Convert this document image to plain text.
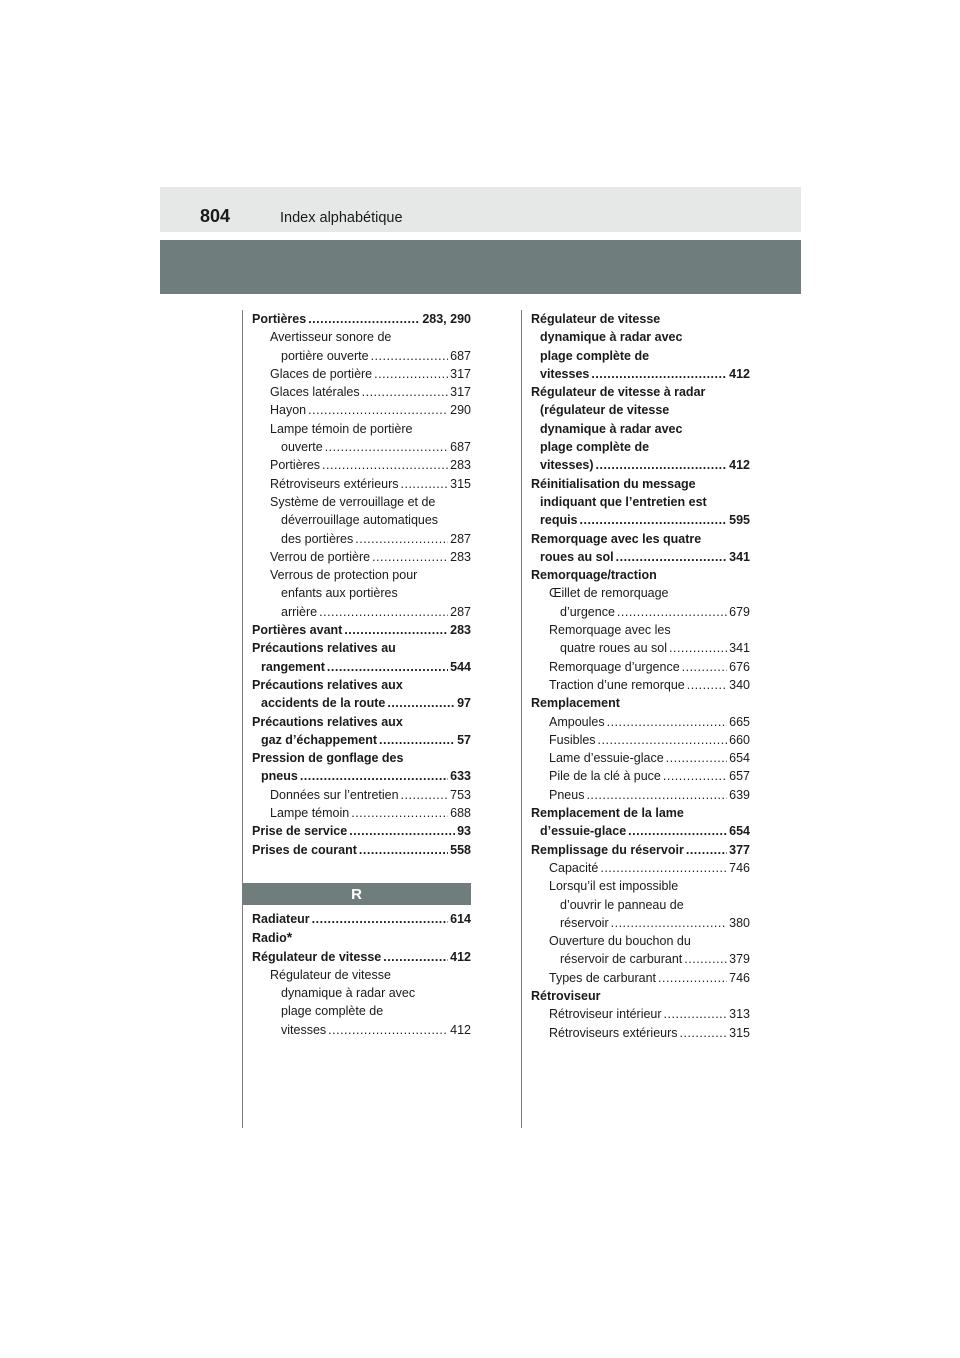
804	Index alphabétique
Portières .....	283, 290
Avertisseur sonore de
portière ouverte .....	687
Glaces de portière .....	317
Glaces latérales .....	317
Hayon .....	290
Lampe témoin de portière
ouverte .....	687
Portières .....	283
Rétroviseurs extérieurs .....	315
Système de verrouillage et de
déverrouillage automatiques
des portières .....	287
Verrou de portière .....	283
Verrous de protection pour
enfants aux portières
arrière .....	287
Portières avant .....	283
Précautions relatives au
rangement .....	544
Précautions relatives aux
accidents de la route .....	97
Précautions relatives aux
gaz d’échappement .....	57
Pression de gonflage des
pneus .....	633
Données sur l’entretien .....	753
Lampe témoin .....	688
Prise de service .....	93
Prises de courant .....	558
R
Radiateur .....	614
Radio *
Régulateur de vitesse .....	412
Régulateur de vitesse
dynamique à radar avec
plage complète de
vitesses .....	412
Régulateur de vitesse
dynamique à radar avec
plage complète de
vitesses .....	412
Régulateur de vitesse à radar
(régulateur de vitesse
dynamique à radar avec
plage complète de
vitesses) .....	412
Réinitialisation du message
indiquant que l’entretien est
requis .....	595
Remorquage avec les quatre
roues au sol .....	341
Remorquage/traction
Œillet de remorquage
d’urgence .....	679
Remorquage avec les
quatre roues au sol .....	341
Remorquage d’urgence .....	676
Traction d’une remorque .....	340
Remplacement
Ampoules .....	665
Fusibles .....	660
Lame d’essuie-glace .....	654
Pile de la clé à puce .....	657
Pneus .....	639
Remplacement de la lame
d’essuie-glace .....	654
Remplissage du réservoir .....	377
Capacité .....	746
Lorsqu’il est impossible
d’ouvrir le panneau de
réservoir .....	380
Ouverture du bouchon du
réservoir de carburant .....	379
Types de carburant .....	746
Rétroviseur
Rétroviseur intérieur .....	313
Rétroviseurs extérieurs .....	315
